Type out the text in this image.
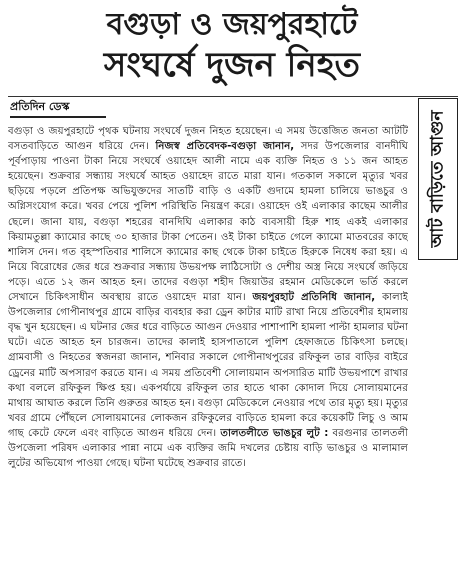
বগুড়া ও জয়পুরহাটে
সংঘর্ষে দুজন নিহত
প্রতিদিন ডেস্ক
আট বাড়িতে আগুন

বগুড়া ও জয়পুরহাটে পৃথক ঘটনায় সংঘর্ষে দুজন নিহত হয়েছেন। এ সময় উত্তেজিত জনতা আটটি বসতবাড়িতে আগুন ধরিয়ে দেন। নিজস্ব প্রতিবেদক-বগুড়া জানান, সদর উপজেলার বানদীঘি পূর্বপাড়ায় পাওনা টাকা নিয়ে সংঘর্ষে ওয়াহেদ আলী নামে এক ব্যক্তি নিহত ও ১১ জন আহত হয়েছেন। শুক্রবার সন্ধ্যায় সংঘর্ষে আহত ওয়াহেদ রাতে মারা যান। গতকাল সকালে মৃত্যুর খবর ছড়িয়ে পড়লে প্রতিপক্ষ অভিযুক্তদের সাতটি বাড়ি ও একটি গুদামে হামলা চালিয়ে ভাঙচুর ও অগ্নিসংযোগ করে। খবর পেয়ে পুলিশ পরিস্থিতি নিয়ন্ত্রণ করে। ওয়াহেদ ওই এলাকার কাছেম আলীর ছেলে। জানা যায়, বগুড়া শহরের বানদিঘি এলাকার কাঠ ব্যবসায়ী হিরু শাহ একই এলাকার কিয়ামতুল্লা ক্যামোর কাছে ৩০ হাজার টাকা পেতেন। ওই টাকা চাইতে গেলে ক্যামো মাতবরের কাছে শালিস দেন। গত বৃহস্পতিবার শালিসে ক্যামোর কাছ থেকে টাকা চাইতে হিরুকে নিষেধ করা হয়। এ নিয়ে বিরোধের জের ধরে শুক্রবার সন্ধ্যায় উভয়পক্ষ লাঠিসোটা ও দেশীয় অস্ত্র নিয়ে সংঘর্ষে জড়িয়ে পড়ে। এতে ১২ জন আহত হন। তাদের বগুড়া শহীদ জিয়াউর রহমান মেডিকেলে ভর্তি করলে সেখানে চিকিৎসাধীন অবস্থায় রাতে ওয়াহেদ মারা যান। জয়পুরহাট প্রতিনিধি জানান, কালাই উপজেলার গোপীনাথপুর গ্রামে বাড়ির ব্যবহার করা ড্রেন কাটার মাটি রাখা নিয়ে প্রতিবেশীর হামলায় বৃদ্ধ খুন হয়েছেন। এ ঘটনার জের ধরে বাড়িতে আগুন দেওয়ার পাশাপাশি হামলা পাল্টা হামলার ঘটনা ঘটে। এতে আহত হন চারজন। তাদের কালাই হাসপাতালে পুলিশ হেফাজতে চিকিৎসা চলছে। গ্রামবাসী ও নিহতের স্বজনরা জানান, শনিবার সকালে গোপীনাথপুরের রফিকুল তার বাড়ির বাইরে ড্রেনের মাটি অপসারণ করতে যান। এ সময় প্রতিবেশী সোলায়মান অপসারিত মাটি উভয়পাশে রাখার কথা বললে রফিকুল ক্ষিপ্ত হয়। একপর্যায়ে রফিকুল তার হাতে থাকা কোদাল দিয়ে সোলায়মানের মাথায় আঘাত করলে তিনি গুরুতর আহত হন। বগুড়া মেডিকেলে নেওয়ার পথে তার মৃত্যু হয়। মৃত্যুর খবর গ্রামে পৌঁছলে সোলায়মানের লোকজন রফিকুলের বাড়িতে হামলা করে কয়েকটি লিচু ও আম গাছ কেটে ফেলে এবং বাড়িতে আগুন ধরিয়ে দেন। তালতলীতে ভাঙচুর লুট : বরগুনার তালতলী উপজেলা পরিষদ এলাকার পান্না নামে এক ব্যক্তির জমি দখলের চেষ্টায় বাড়ি ভাঙচুর ও মালামাল লুটের অভিযোগ পাওয়া গেছে। ঘটনা ঘটেছে শুক্রবার রাতে।
